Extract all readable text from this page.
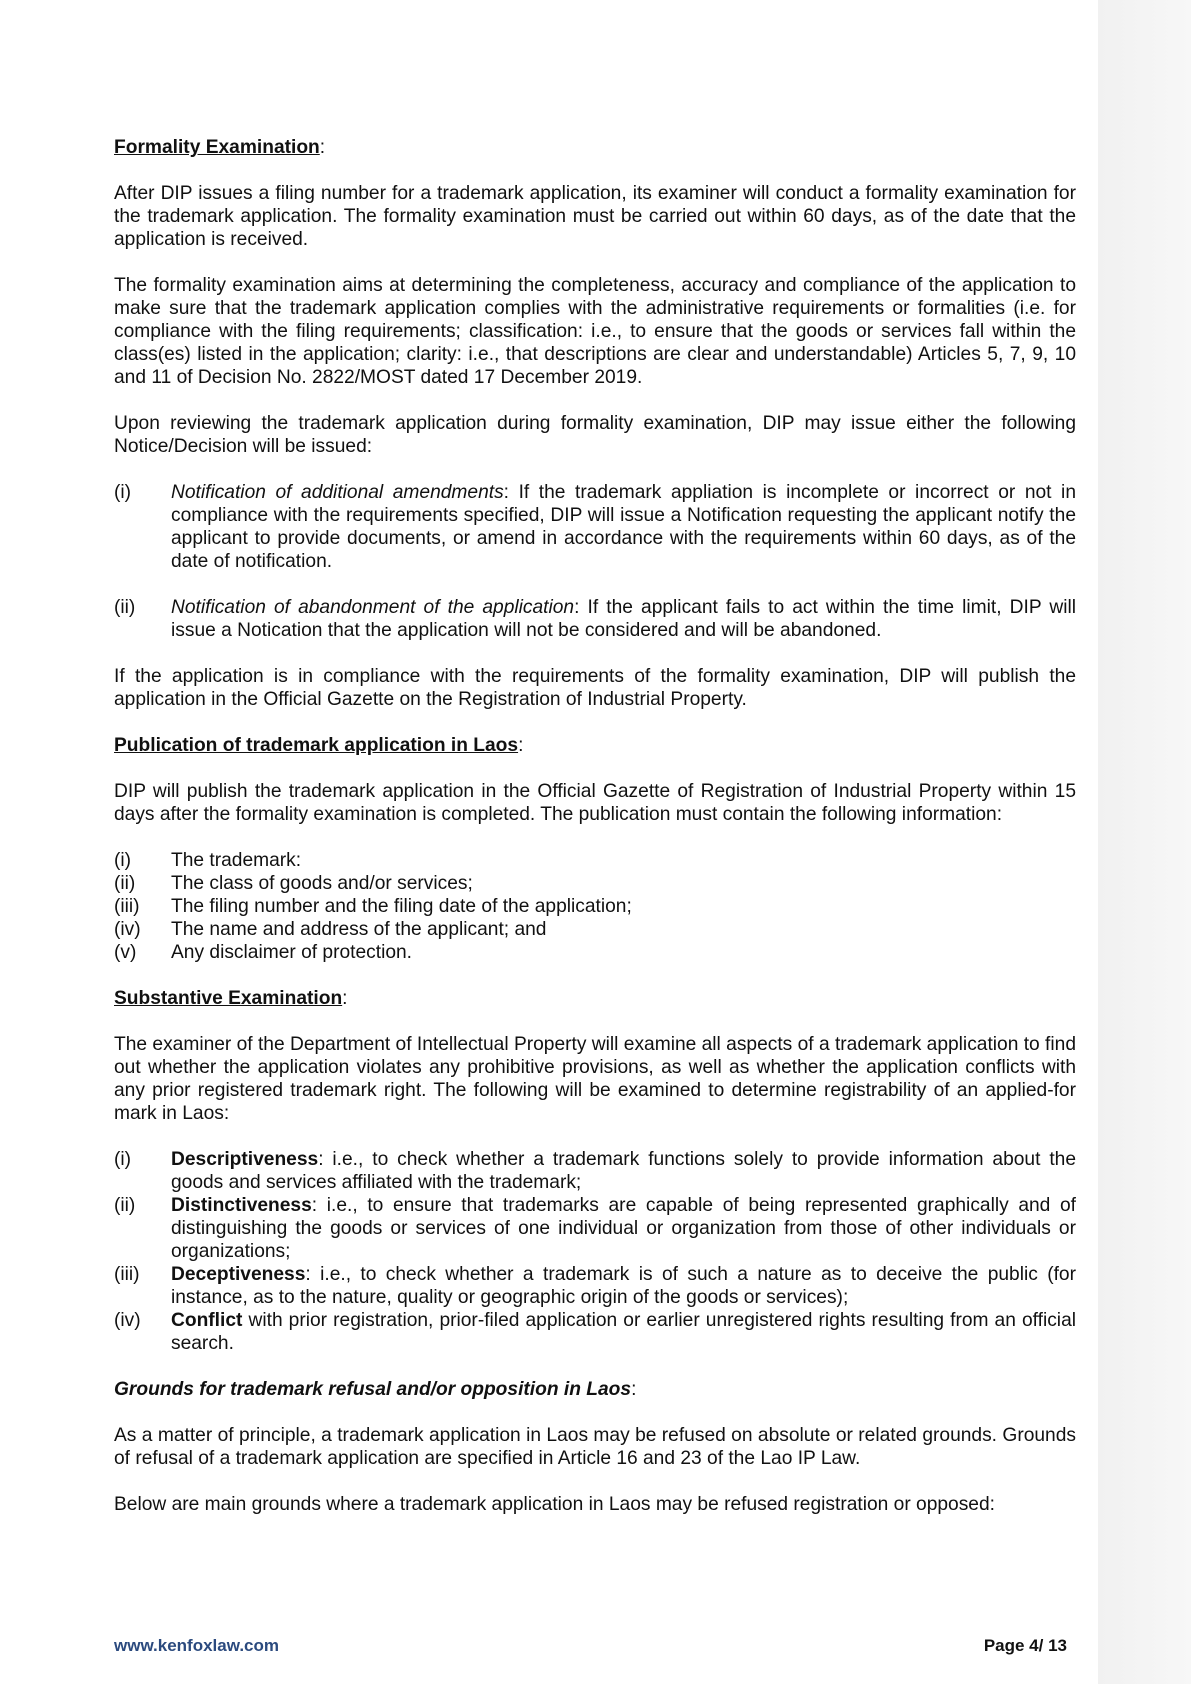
Formality Examination:

After DIP issues a filing number for a trademark application, its examiner will conduct a formality examination for the trademark application. The formality examination must be carried out within 60 days, as of the date that the application is received.

The formality examination aims at determining the completeness, accuracy and compliance of the application to make sure that the trademark application complies with the administrative requirements or formalities (i.e. for compliance with the filing requirements; classification: i.e., to ensure that the goods or services fall within the class(es) listed in the application; clarity: i.e., that descriptions are clear and understandable) Articles 5, 7, 9, 10 and 11 of Decision No. 2822/MOST dated 17 December 2019.

Upon reviewing the trademark application during formality examination, DIP may issue either the following Notice/Decision will be issued:

(i)	Notification of additional amendments: If the trademark appliation is incomplete or incorrect or not in compliance with the requirements specified, DIP will issue a Notification requesting the applicant notify the applicant to provide documents, or amend in accordance with the requirements within 60 days, as of the date of notification.
(ii)	Notification of abandonment of the application: If the applicant fails to act within the time limit, DIP will issue a Notication that the application will not be considered and will be abandoned.

If the application is in compliance with the requirements of the formality examination, DIP will publish the application in the Official Gazette on the Registration of Industrial Property.

Publication of trademark application in Laos:

DIP will publish the trademark application in the Official Gazette of Registration of Industrial Property within 15 days after the formality examination is completed. The publication must contain the following information:

(i)	The trademark:
(ii)	The class of goods and/or services;
(iii)	The filing number and the filing date of the application;
(iv)	The name and address of the applicant; and
(v)	Any disclaimer of protection.
Substantive Examination:

The examiner of the Department of Intellectual Property will examine all aspects of a trademark application to find out whether the application violates any prohibitive provisions, as well as whether the application conflicts with any prior registered trademark right. The following will be examined to determine registrability of an applied-for mark in Laos:

(i)	Descriptiveness: i.e., to check whether a trademark functions solely to provide information about the goods and services affiliated with the trademark;
(ii)	Distinctiveness: i.e., to ensure that trademarks are capable of being represented graphically and of distinguishing the goods or services of one individual or organization from those of other individuals or organizations;
(iii)	Deceptiveness: i.e., to check whether a trademark is of such a nature as to deceive the public (for instance, as to the nature, quality or geographic origin of the goods or services);
(iv)	Conflict with prior registration, prior-filed application or earlier unregistered rights resulting from an official search.
Grounds for trademark refusal and/or opposition in Laos:

As a matter of principle, a trademark application in Laos may be refused on absolute or related grounds. Grounds of refusal of a trademark application are specified in Article 16 and 23 of the Lao IP Law.

Below are main grounds where a trademark application in Laos may be refused registration or opposed:

www.kenfoxlaw.com	Page 4/ 13
